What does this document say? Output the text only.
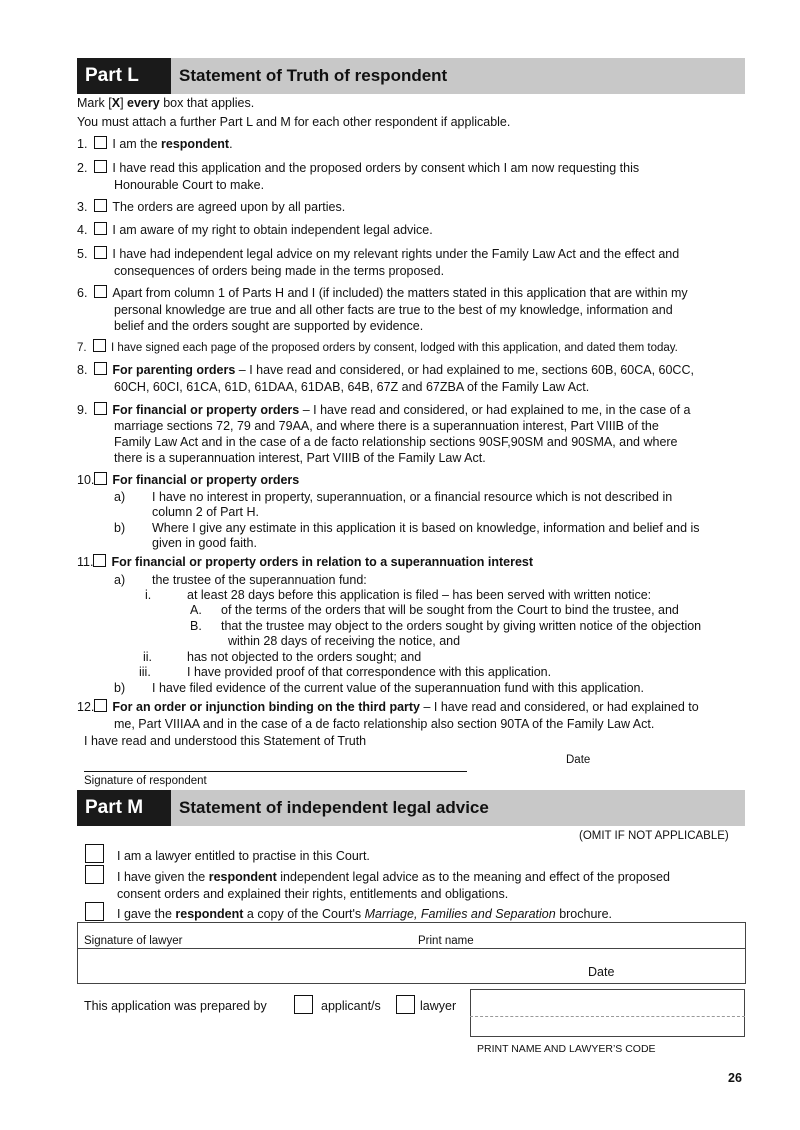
Part L	Statement of Truth of respondent
Mark [X] every box that applies.
You must attach a further Part L and M for each other respondent if applicable.
1. I am the respondent.
2. I have read this application and the proposed orders by consent which I am now requesting this
Honourable Court to make.
3. The orders are agreed upon by all parties.
4. I am aware of my right to obtain independent legal advice.
5. I have had independent legal advice on my relevant rights under the Family Law Act and the effect and
consequences of orders being made in the terms proposed.
6. Apart from column 1 of Parts H and I (if included) the matters stated in this application that are within my
personal knowledge are true and all other facts are true to the best of my knowledge, information and
belief and the orders sought are supported by evidence.
7. I have signed each page of the proposed orders by consent, lodged with this application, and dated them today.
8. For parenting orders – I have read and considered, or had explained to me, sections 60B, 60CA, 60CC,
60CH, 60CI, 61CA, 61D, 61DAA, 61DAB, 64B, 67Z and 67ZBA of the Family Law Act.
9. For financial or property orders – I have read and considered, or had explained to me, in the case of a
marriage sections 72, 79 and 79AA, and where there is a superannuation interest, Part VIIIB of the
Family Law Act and in the case of a de facto relationship sections 90SF,90SM and 90SMA, and where
there is a superannuation interest, Part VIIIB of the Family Law Act.
10. For financial or property orders
a) I have no interest in property, superannuation, or a financial resource which is not described in
column 2 of Part H.
b) Where I give any estimate in this application it is based on knowledge, information and belief and is
given in good faith.
11. For financial or property orders in relation to a superannuation interest
a) the trustee of the superannuation fund:
i.	at least 28 days before this application is filed – has been served with written notice:
A. of the terms of the orders that will be sought from the Court to bind the trustee, and
B. that the trustee may object to the orders sought by giving written notice of the objection
within 28 days of receiving the notice, and
ii.	has not objected to the orders sought; and
iii.	I have provided proof of that correspondence with this application.
b) I have filed evidence of the current value of the superannuation fund with this application.
12. For an order or injunction binding on the third party – I have read and considered, or had explained to
me, Part VIIIAA and in the case of a de facto relationship also section 90TA of the Family Law Act.
I have read and understood this Statement of Truth
Date
Signature of respondent
Part M	Statement of independent legal advice
(OMIT IF NOT APPLICABLE)
I am a lawyer entitled to practise in this Court.
I have given the respondent independent legal advice as to the meaning and effect of the proposed
consent orders and explained their rights, entitlements and obligations.
I gave the respondent a copy of the Court's Marriage, Families and Separation brochure.
Signature of lawyer	Print name
Date
This application was prepared by	applicant/s	lawyer
PRINT NAME AND LAWYER’S CODE
26
